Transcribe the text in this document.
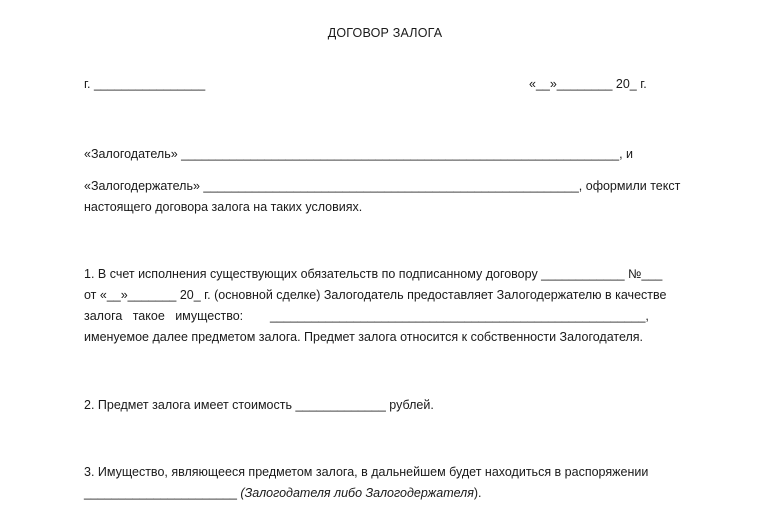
ДОГОВОР ЗАЛОГА
г. ________________	«__»________ 20_ г.
«Залогодатель» _______________________________________________________________, и
«Залогодержатель» ______________________________________________________, оформили текст
настоящего договора залога на таких условиях.
1. В счет исполнения существующих обязательств по подписанному договору ____________ №___
от «__»_______ 20_ г. (основной сделке) Залогодатель предоставляет Залогодержателю в качестве
залога   такое   имущество: ______________________________________________________,
именуемое далее предметом залога. Предмет залога относится к собственности Залогодателя.
2. Предмет залога имеет стоимость _____________ рублей.
3. Имущество, являющееся предметом залога, в дальнейшем будет находиться в распоряжении
______________________ (Залогодателя либо Залогодержателя).
